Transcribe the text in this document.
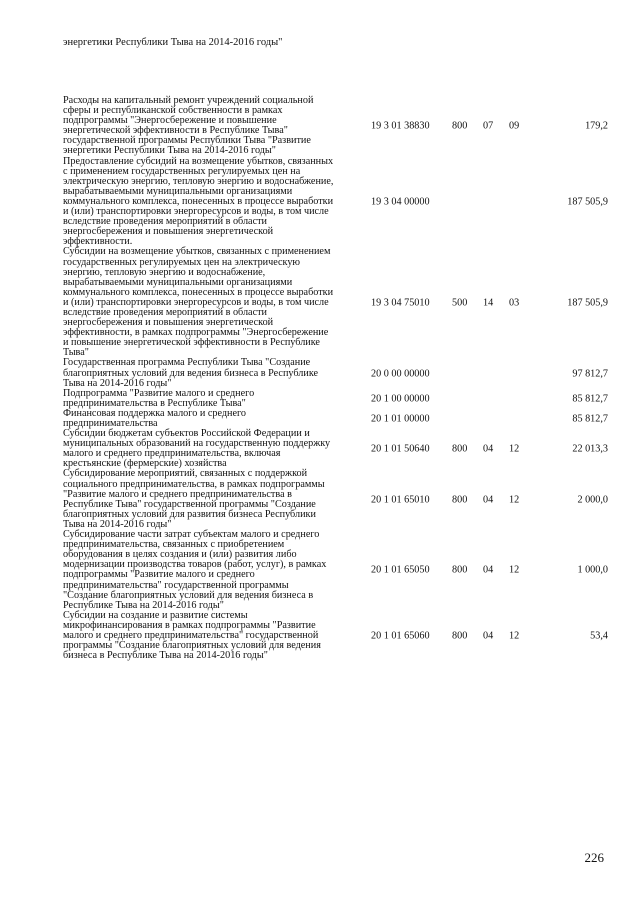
энергетики Республики Тыва на 2014-2016 годы"
Расходы на капитальный ремонт учреждений социальной
сферы и республиканской собственности в рамках
подпрограммы "Энергосбережение и повышение
энергетической эффективности в Республике Тыва"
государственной программы Республики Тыва "Развитие
энергетики Республики Тыва на 2014-2016 годы"
19 3 01 38830 800 07 09	179,2
Предоставление субсидий на возмещение убытков, связанных
с применением государственных регулируемых цен на
электрическую энергию, тепловую энергию и водоснабжение,
вырабатываемыми муниципальными организациями
коммунального комплекса, понесенных в процессе выработки
и (или) транспортировки энергоресурсов и воды, в том числе
вследствие проведения мероприятий в области
энергосбережения и повышения энергетической
эффективности.
19 3 04 00000	187 505,9
Субсидии на возмещение убытков, связанных с применением
государственных регулируемых цен на электрическую
энергию, тепловую энергию и водоснабжение,
вырабатываемыми муниципальными организациями
коммунального комплекса, понесенных в процессе выработки
и (или) транспортировки энергоресурсов и воды, в том числе
вследствие проведения мероприятий в области
энергосбережения и повышения энергетической
эффективности, в рамках подпрограммы "Энергосбережение
и повышение энергетической эффективности в Республике
Тыва"
19 3 04 75010 500 14 03	187 505,9
Государственная программа Республики Тыва "Создание
благоприятных условий для ведения бизнеса в Республике
Тыва на 2014-2016 годы"
20 0 00 00000	97 812,7
Подпрограмма "Развитие малого и среднего
предпринимательства в Республике Тыва"	20 1 00 00000	85 812,7
Финансовая поддержка малого и среднего
предпринимательства	20 1 01 00000	85 812,7
Субсидии бюджетам субъектов Российской Федерации и
муниципальных образований на государственную поддержку
малого и среднего предпринимательства, включая
крестьянские (фермерские) хозяйства
20 1 01 50640 800 04 12	22 013,3
Субсидирование мероприятий, связанных с поддержкой
социального предпринимательства, в рамках подпрограммы
"Развитие малого и среднего предпринимательства в
Республике Тыва" государственной программы "Создание
благоприятных условий для развития бизнеса Республики
Тыва на 2014-2016 годы"
20 1 01 65010 800 04 12	2 000,0
Субсидирование части затрат субъектам малого и среднего
предпринимательства, связанных с приобретением
оборудования в целях создания и (или) развития либо
модернизации производства товаров (работ, услуг), в рамках
подпрограммы "Развитие малого и среднего
предпринимательства" государственной программы
"Создание благоприятных условий для ведения бизнеса в
Республике Тыва на 2014-2016 годы"
20 1 01 65050 800 04 12	1 000,0
Субсидии на создание и развитие системы
микрофинансирования в рамках подпрограммы "Развитие
малого и среднего предпринимательства" государственной
программы "Создание благоприятных условий для ведения
бизнеса в Республике Тыва на 2014-2016 годы"
20 1 01 65060 800 04 12	53,4
226
